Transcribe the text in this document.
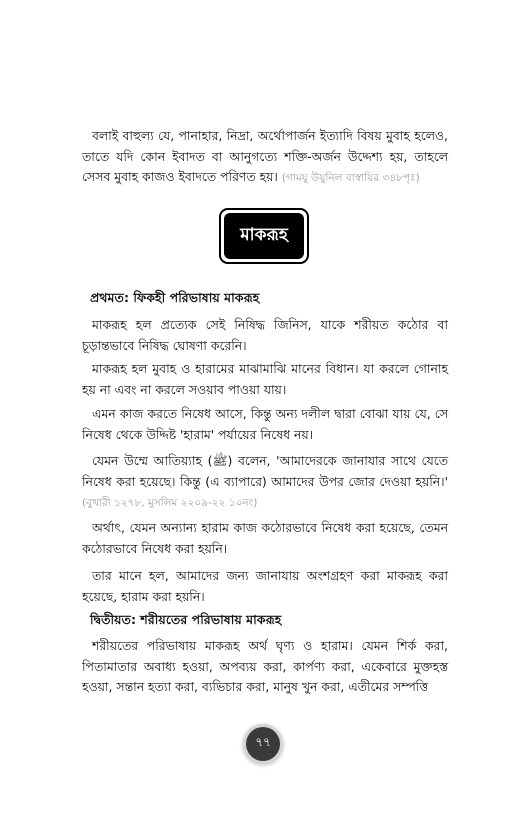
বলাই বাহুল্য যে, পানাহার, নিদ্রা, অর্থোপার্জন ইত্যাদি বিষয় মুবাহ হলেও, তাতে যদি কোন ইবাদত বা আনুগত্যে শক্তি-অর্জন উদ্দেশ্য হয়, তাহলে সেসব মুবাহ কাজও ইবাদতে পরিণত হয়। (গামযু উয়ুনিল বাস্বায়ির ৩৪৮পৃঃ)

মাকরূহ

প্রথমত: ফিকহী পরিভাষায় মাকরূহ

মাকরূহ হল প্রত্যেক সেই নিষিদ্ধ জিনিস, যাকে শরীয়ত কঠোর বা চূড়ান্তভাবে নিষিদ্ধ ঘোষণা করেনি।

মাকরূহ হল মুবাহ ও হারামের মাঝামাঝি মানের বিধান। যা করলে গোনাহ হয় না এবং না করলে সওয়াব পাওয়া যায়।

এমন কাজ করতে নিষেধ আসে, কিন্তু অন্য দলীল দ্বারা বোঝা যায় যে, সে নিষেধ থেকে উদ্দিষ্ট 'হারাম' পর্যায়ের নিষেধ নয়।

যেমন উম্মে আতিয়্যাহ (ﷺ) বলেন, 'আমাদেরকে জানাযার সাথে যেতে নিষেধ করা হয়েছে। কিন্তু (এ ব্যাপারে) আমাদের উপর জোর দেওয়া হয়নি।' (বুখারী ১২৭৮, মুসলিম ২২০৯-২২ ১০নং)

অর্থাৎ, যেমন অন্যান্য হারাম কাজ কঠোরভাবে নিষেধ করা হয়েছে, তেমন কঠোরভাবে নিষেধ করা হয়নি।

তার মানে হল, আমাদের জন্য জানাযায় অংশগ্রহণ করা মাকরূহ করা হয়েছে, হারাম করা হয়নি।

দ্বিতীয়ত: শরীয়তের পরিভাষায় মাকরূহ

শরীয়তের পরিভাষায় মাকরূহ অর্থ ঘৃণ্য ও হারাম। যেমন শির্ক করা, পিতামাতার অবাধ্য হওয়া, অপব্যয় করা, কার্পণ্য করা, একেবারে মুক্তহস্ত হওয়া, সন্তান হত্যা করা, ব্যভিচার করা, মানুষ খুন করা, এতীমের সম্পত্তি

৭৭
